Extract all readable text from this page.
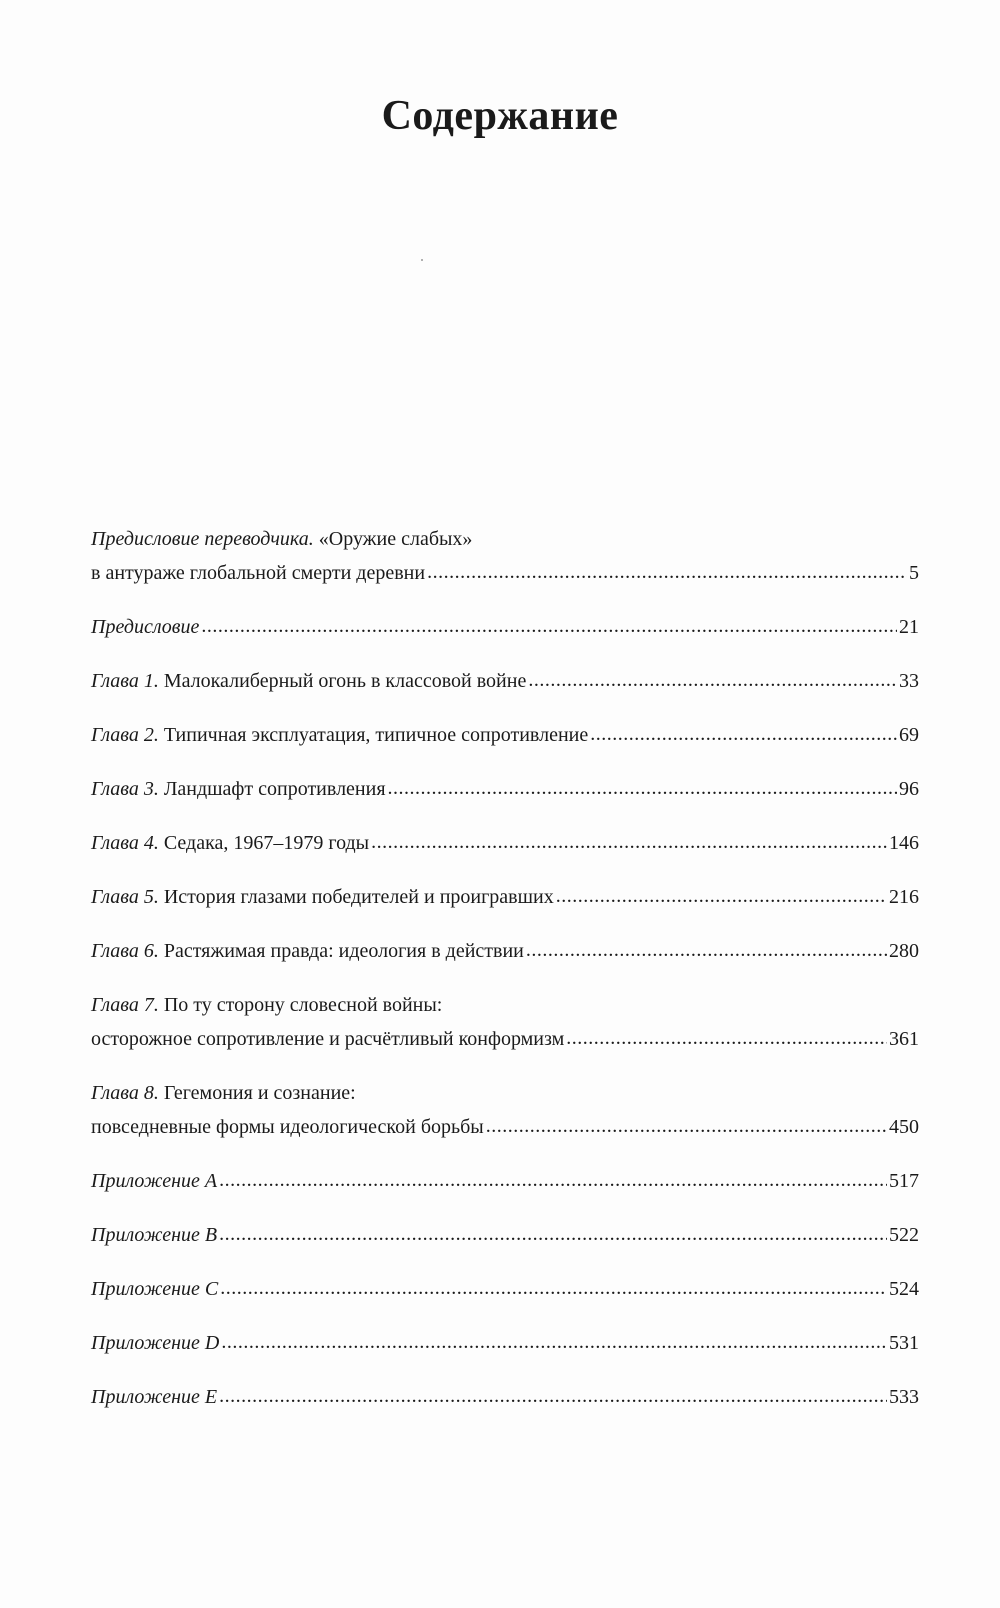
Содержание
Предисловие переводчика.
«Оружие слабых»
в антураже глобальной смерти деревни .....	5
Предисловие .....	21
Глава 1.
Малокалиберный огонь в классовой войне .....	33
Глава 2.
Типичная эксплуатация, типичное сопротивление .....	69
Глава 3.
Ландшафт сопротивления .....	96
Глава 4.
Седака, 1967–1979 годы .....	146
Глава 5.
История глазами победителей и проигравших .....	216
Глава 6.
Растяжимая правда: идеология в действии .....	280
Глава 7.
По ту сторону словесной войны:
осторожное сопротивление и расчётливый конформизм .....	361
Глава 8.
Гегемония и сознание:
повседневные формы идеологической борьбы .....	450
Приложение A .....	517
Приложение B .....	522
Приложение C .....	524
Приложение D .....	531
Приложение E .....	533
